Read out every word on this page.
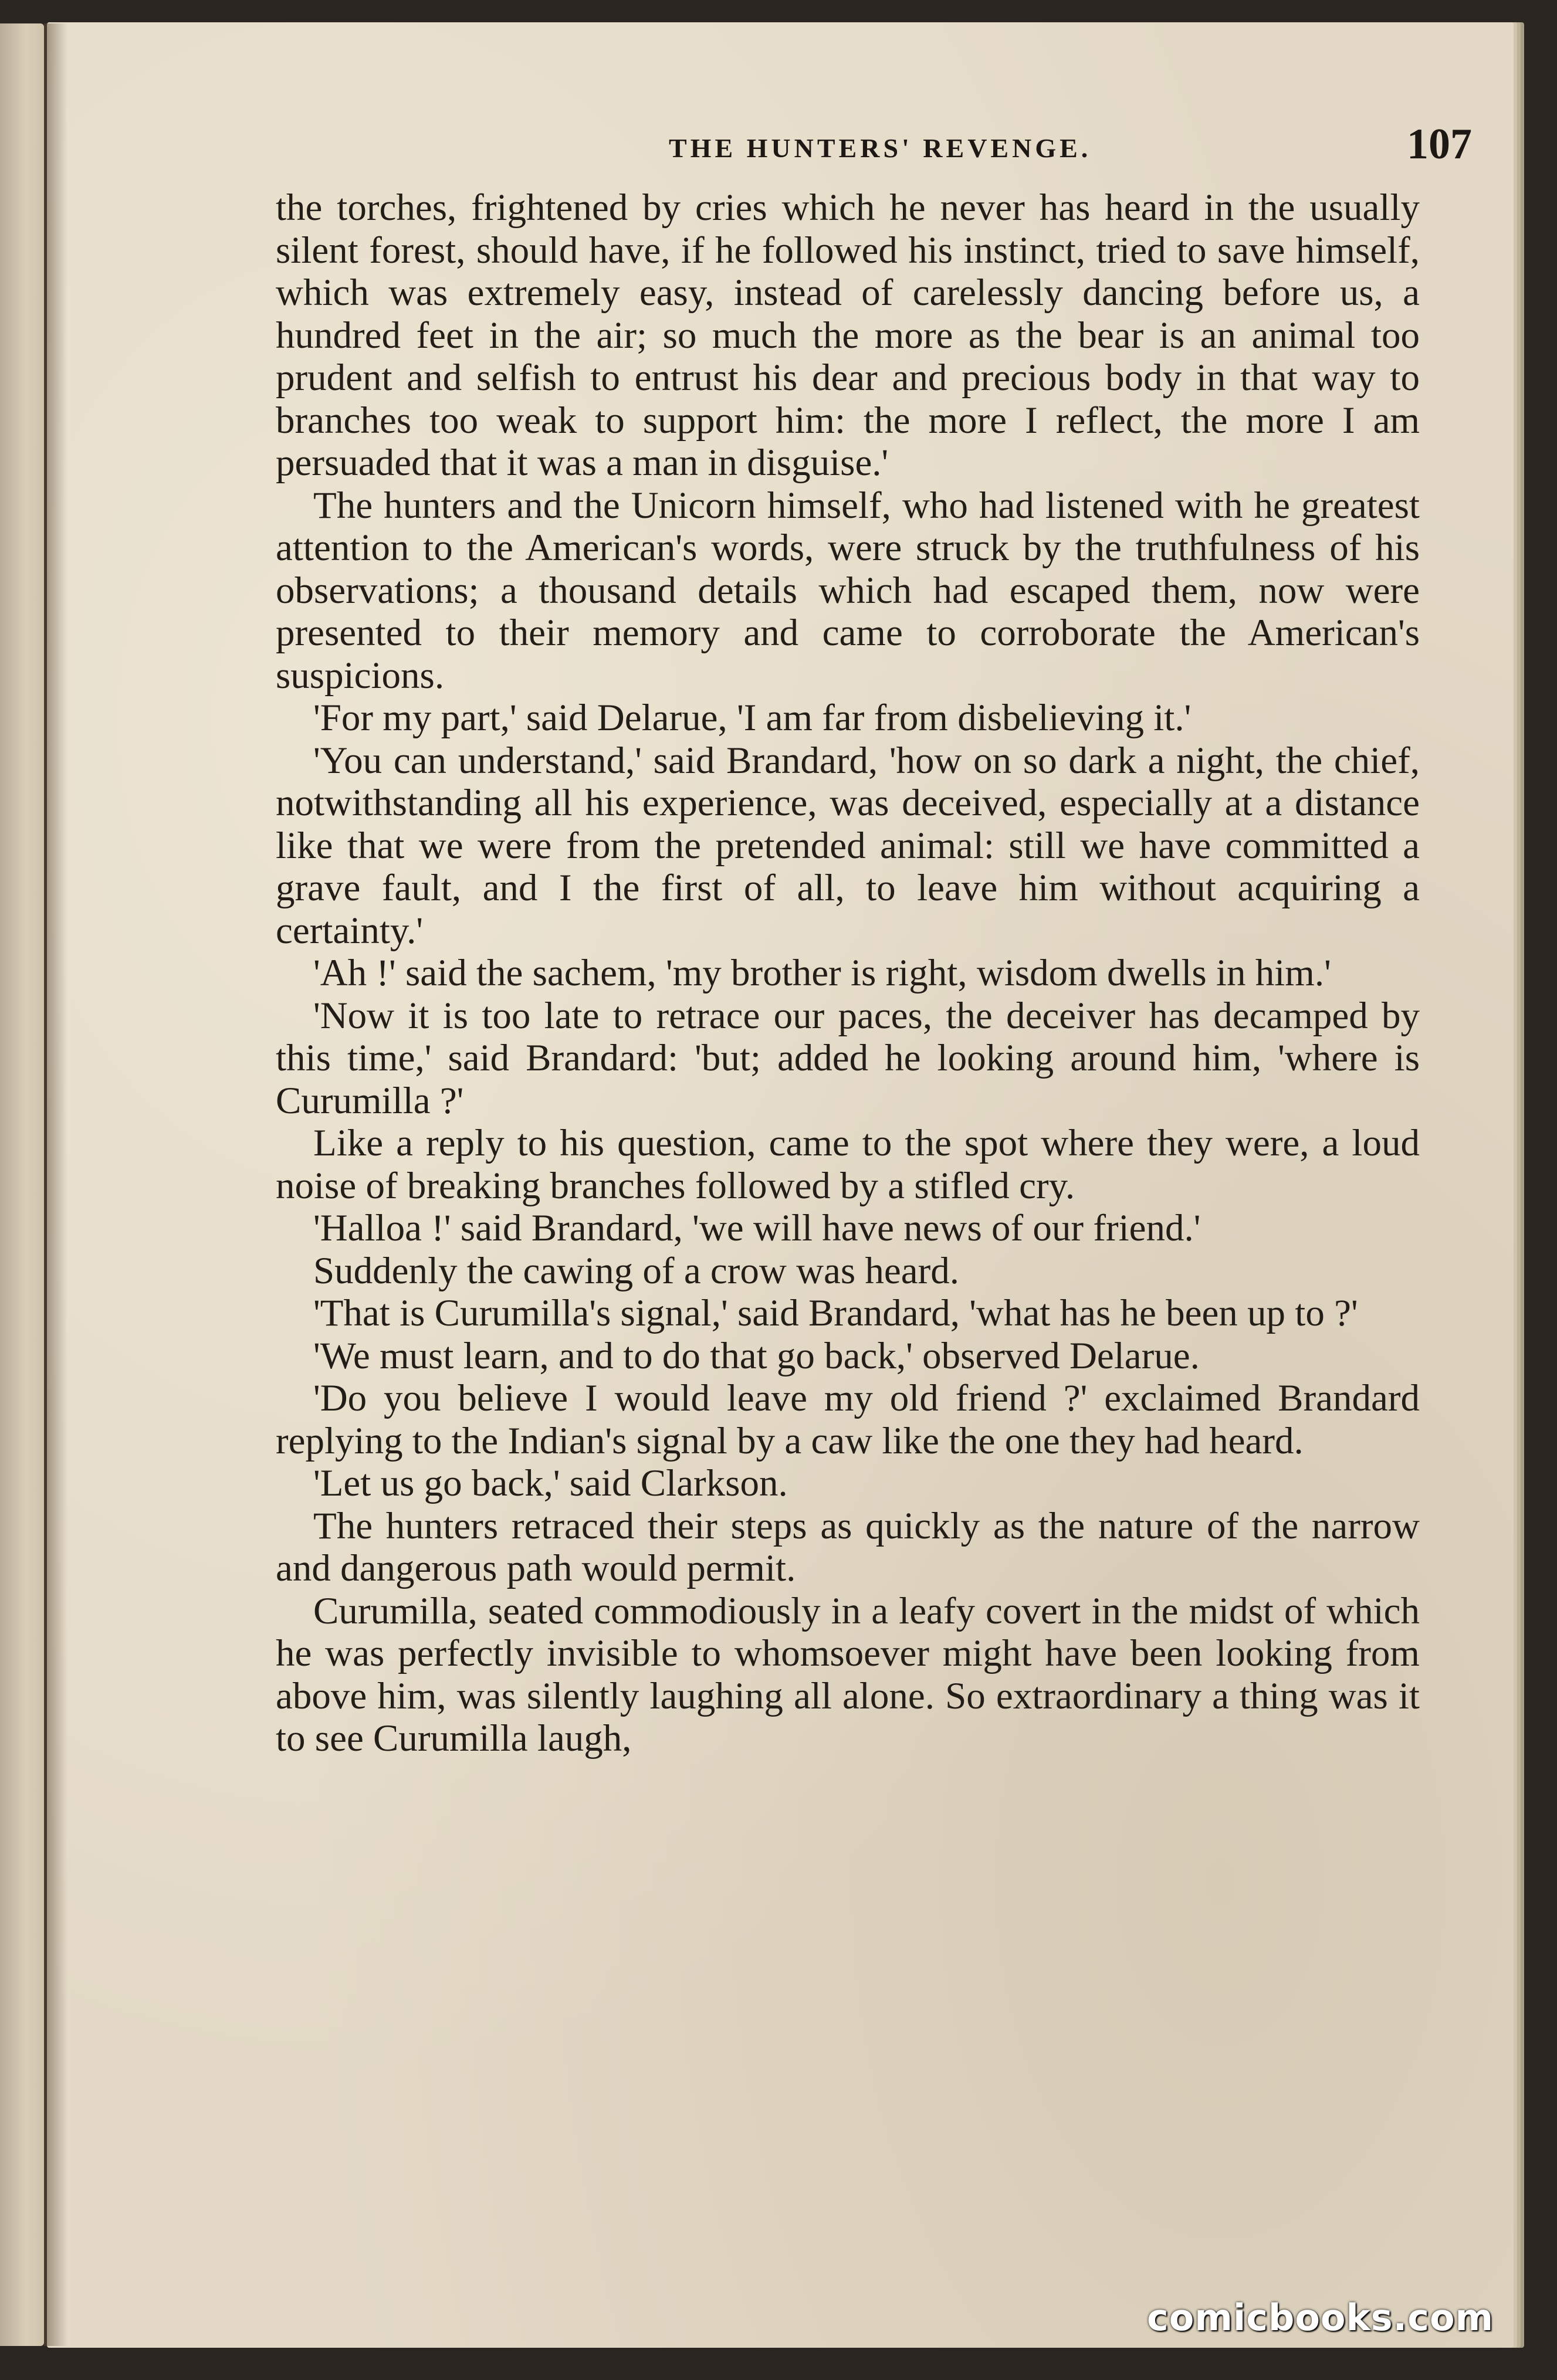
THE HUNTERS' REVENGE.	107

the torches, frightened by cries which he never has heard in the usually silent forest, should have, if he followed his instinct, tried to save himself, which was extremely easy, instead of carelessly dancing before us, a hundred feet in the air; so much the more as the bear is an animal too prudent and selfish to entrust his dear and precious body in that way to branches too weak to support him: the more I reflect, the more I am persuaded that it was a man in disguise.'

The hunters and the Unicorn himself, who had listened with he greatest attention to the American's words, were struck by the truthfulness of his observations; a thousand details which had escaped them, now were presented to their memory and came to corroborate the American's suspicions.

'For my part,' said Delarue, 'I am far from disbelieving it.'

'You can understand,' said Brandard, 'how on so dark a night, the chief, notwithstanding all his experience, was deceived, especially at a distance like that we were from the pretended animal: still we have committed a grave fault, and I the first of all, to leave him without acquiring a certainty.'

'Ah !' said the sachem, 'my brother is right, wisdom dwells in him.'

'Now it is too late to retrace our paces, the deceiver has decamped by this time,' said Brandard: 'but; added he looking around him, 'where is Curumilla ?'

Like a reply to his question, came to the spot where they were, a loud noise of breaking branches followed by a stifled cry.

'Halloa !' said Brandard, 'we will have news of our friend.'

Suddenly the cawing of a crow was heard.

'That is Curumilla's signal,' said Brandard, 'what has he been up to ?'

'We must learn, and to do that go back,' observed Delarue.

'Do you believe I would leave my old friend ?' exclaimed Brandard replying to the Indian's signal by a caw like the one they had heard.

'Let us go back,' said Clarkson.

The hunters retraced their steps as quickly as the nature of the narrow and dangerous path would permit.

Curumilla, seated commodiously in a leafy covert in the midst of which he was perfectly invisible to whomsoever might have been looking from above him, was silently laughing all alone. So extraordinary a thing was it to see Curumilla laugh,

comicbooks.com
